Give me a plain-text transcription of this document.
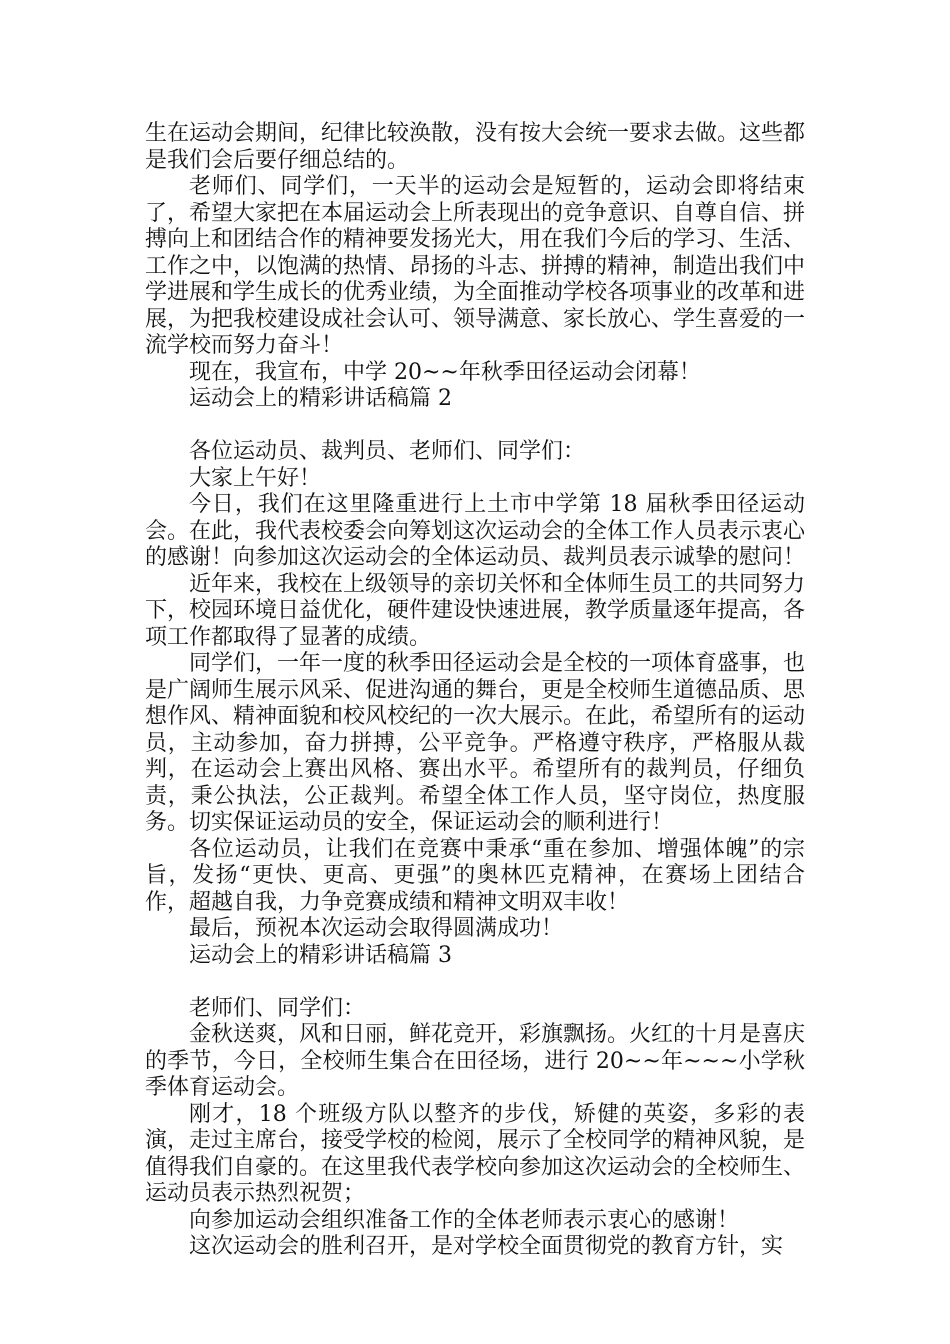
生在运动会期间，纪律比较涣散，没有按大会统一要求去做。这些都是我们会后要仔细总结的。

老师们、同学们，一天半的运动会是短暂的，运动会即将结束了，希望大家把在本届运动会上所表现出的竞争意识、自尊自信、拼搏向上和团结合作的精神要发扬光大，用在我们今后的学习、生活、工作之中，以饱满的热情、昂扬的斗志、拼搏的精神，制造出我们中学进展和学生成长的优秀业绩，为全面推动学校各项事业的改革和进展，为把我校建设成社会认可、领导满意、家长放心、学生喜爱的一流学校而努力奋斗！

现在，我宣布，中学 20~~年秋季田径运动会闭幕！

运动会上的精彩讲话稿篇 2

各位运动员、裁判员、老师们、同学们：

大家上午好！

今日，我们在这里隆重进行上土市中学第 18 届秋季田径运动会。在此，我代表校委会向筹划这次运动会的全体工作人员表示衷心的感谢！向参加这次运动会的全体运动员、裁判员表示诚挚的慰问！

近年来，我校在上级领导的亲切关怀和全体师生员工的共同努力下，校园环境日益优化，硬件建设快速进展，教学质量逐年提高，各项工作都取得了显著的成绩。

同学们，一年一度的秋季田径运动会是全校的一项体育盛事，也是广阔师生展示风采、促进沟通的舞台，更是全校师生道德品质、思想作风、精神面貌和校风校纪的一次大展示。在此，希望所有的运动员，主动参加，奋力拼搏，公平竞争。严格遵守秩序，严格服从裁判，在运动会上赛出风格、赛出水平。希望所有的裁判员，仔细负责，秉公执法，公正裁判。希望全体工作人员，坚守岗位，热度服务。切实保证运动员的安全，保证运动会的顺利进行！

各位运动员，让我们在竞赛中秉承“重在参加、增强体魄”的宗旨，发扬“更快、更高、更强”的奥林匹克精神，在赛场上团结合作，超越自我，力争竞赛成绩和精神文明双丰收！

最后，预祝本次运动会取得圆满成功！

运动会上的精彩讲话稿篇 3

老师们、同学们：

金秋送爽，风和日丽，鲜花竞开，彩旗飘扬。火红的十月是喜庆的季节，今日，全校师生集合在田径场，进行 20~~年~~~小学秋季体育运动会。

刚才，18 个班级方队以整齐的步伐，矫健的英姿，多彩的表演，走过主席台，接受学校的检阅，展示了全校同学的精神风貌，是值得我们自豪的。在这里我代表学校向参加这次运动会的全校师生、运动员表示热烈祝贺；

向参加运动会组织准备工作的全体老师表示衷心的感谢！

这次运动会的胜利召开，是对学校全面贯彻党的教育方针，实
